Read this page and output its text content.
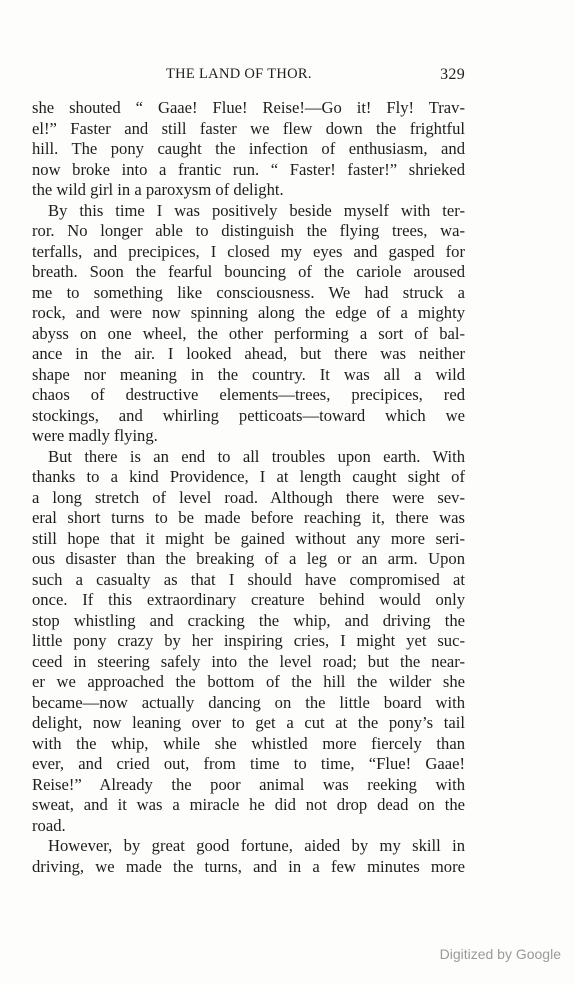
THE LAND OF THOR.	329
she shouted “ Gaae! Flue! Reise!—Go it! Fly! Trav-
el!” Faster and still faster we flew down the frightful
hill. The pony caught the infection of enthusiasm, and
now broke into a frantic run. “ Faster! faster!” shrieked
the wild girl in a paroxysm of delight.
By this time I was positively beside myself with ter-
ror. No longer able to distinguish the flying trees, wa-
terfalls, and precipices, I closed my eyes and gasped for
breath. Soon the fearful bouncing of the cariole aroused
me to something like consciousness. We had struck a
rock, and were now spinning along the edge of a mighty
abyss on one wheel, the other performing a sort of bal-
ance in the air. I looked ahead, but there was neither
shape nor meaning in the country. It was all a wild
chaos of destructive elements—trees, precipices, red
stockings, and whirling petticoats—toward which we
were madly flying.
But there is an end to all troubles upon earth. With
thanks to a kind Providence, I at length caught sight of
a long stretch of level road. Although there were sev-
eral short turns to be made before reaching it, there was
still hope that it might be gained without any more seri-
ous disaster than the breaking of a leg or an arm. Upon
such a casualty as that I should have compromised at
once. If this extraordinary creature behind would only
stop whistling and cracking the whip, and driving the
little pony crazy by her inspiring cries, I might yet suc-
ceed in steering safely into the level road; but the near-
er we approached the bottom of the hill the wilder she
became—now actually dancing on the little board with
delight, now leaning over to get a cut at the pony’s tail
with the whip, while she whistled more fiercely than
ever, and cried out, from time to time, “Flue! Gaae!
Reise!” Already the poor animal was reeking with
sweat, and it was a miracle he did not drop dead on the
road.
However, by great good fortune, aided by my skill in
driving, we made the turns, and in a few minutes more
Digitized by Google
